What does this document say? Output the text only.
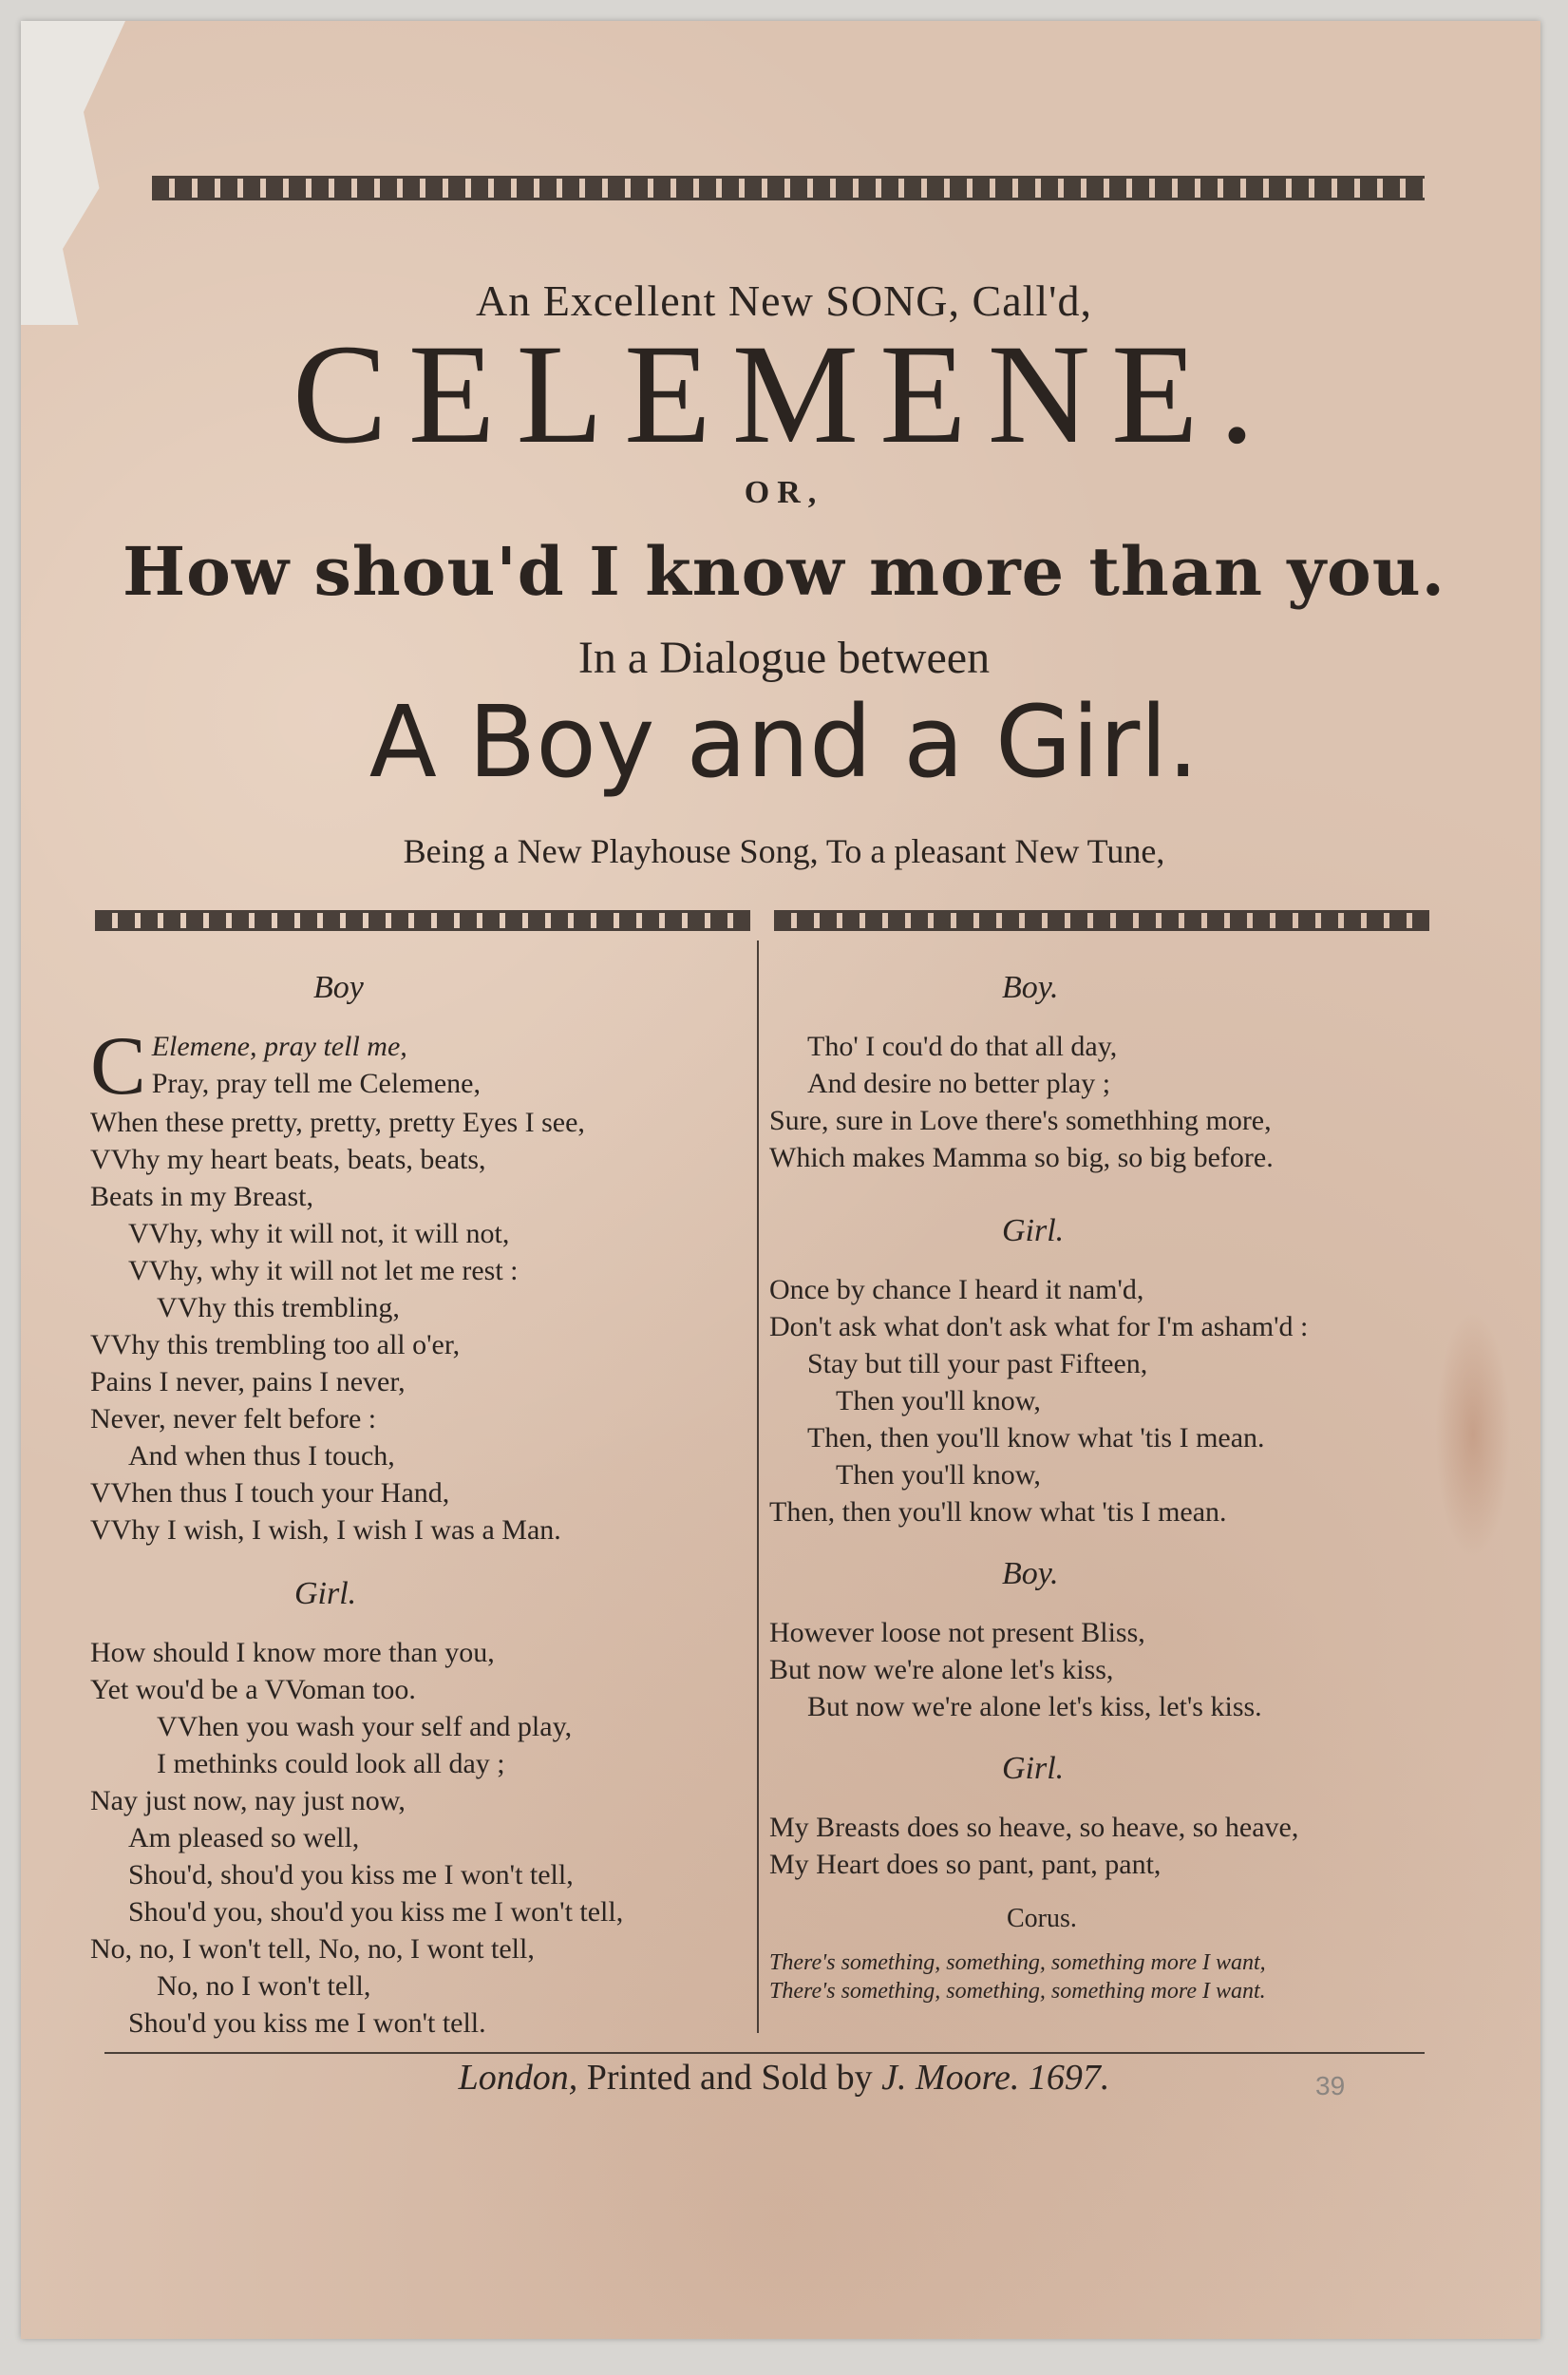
An Excellent New SONG, Call'd,
CELEMENE.
OR,
How shou'd I know more than you.
In a Dialogue between
A Boy and a Girl.
Being a New Playhouse Song, To a pleasant New Tune,
Boy
C Elemene, pray tell me,
Pray, pray tell me Celemene,
When these pretty, pretty, pretty Eyes I see,
VVhy my heart beats, beats, beats,
Beats in my Breast,
VVhy, why it will not, it will not,
VVhy, why it will not let me rest :
VVhy this trembling,
VVhy this trembling too all o'er,
Pains I never, pains I never,
Never, never felt before :
And when thus I touch,
VVhen thus I touch your Hand,
VVhy I wish, I wish, I wish I was a Man.
Girl.
How should I know more than you,
Yet wou'd be a VVoman too.
VVhen you wash your self and play,
I methinks could look all day ;
Nay just now, nay just now,
Am pleased so well,
Shou'd, shou'd you kiss me I won't tell,
Shou'd you, shou'd you kiss me I won't tell,
No, no, I won't tell, No, no, I wont tell,
No, no I won't tell,
Shou'd you kiss me I won't tell.
Boy.
Tho' I cou'd do that all day,
And desire no better play ;
Sure, sure in Love there's somethhing more,
Which makes Mamma so big, so big before.
Girl.
Once by chance I heard it nam'd,
Don't ask what don't ask what for I'm asham'd :
Stay but till your past Fifteen,
Then you'll know,
Then, then you'll know what 'tis I mean.
Then you'll know,
Then, then you'll know what 'tis I mean.
Boy.
However loose not present Bliss,
But now we're alone let's kiss,
But now we're alone let's kiss, let's kiss.
Girl.
My Breasts does so heave, so heave, so heave,
My Heart does so pant, pant, pant,
Corus.
There's something, something, something more I want,
There's something, something, something more I want.
London, Printed and Sold by J. Moore. 1697.	39
